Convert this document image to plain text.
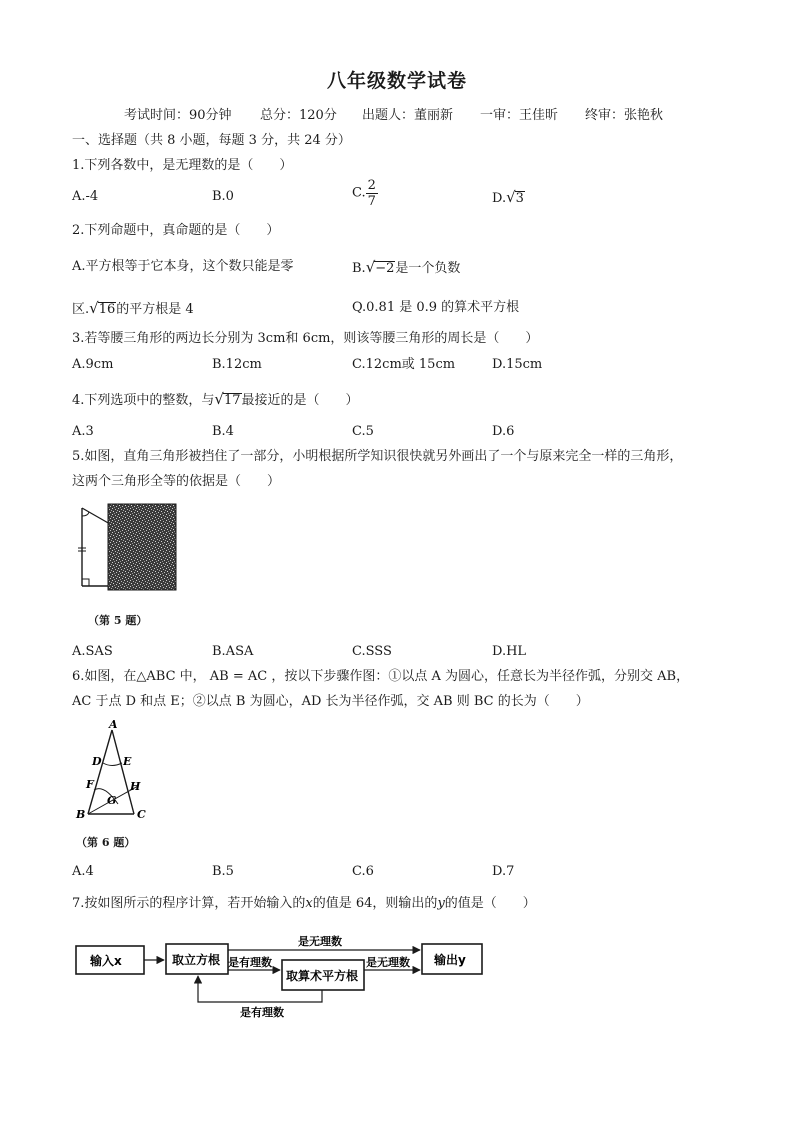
八年级数学试卷
考试时间：90分钟 总分：120分 出题人：董丽新 一审：王佳昕 终审：张艳秋
一、选择题（共 8 小题，每题 3 分，共 24 分）
1.下列各数中，是无理数的是（　　）
A.-4	B.0	C. $\frac{2}{7}$	D.√3
2.下列命题中，真命题的是（　　）
A.平方根等于它本身，这个数只能是零	B.√−2是一个负数
区.√16的平方根是 4	Q.0.81 是 0.9 的算术平方根
3.若等腰三角形的两边长分别为 3cm和 6cm，则该等腰三角形的周长是（　　）
A.9cm	B.12cm	C.12cm或 15cm	D.15cm
4.下列选项中的整数，与√17最接近的是（　　）
A.3	B.4	C.5	D.6
5.如图，直角三角形被挡住了一部分，小明根据所学知识很快就另外画出了一个与原来完全一样的三角形，
这两个三角形全等的依据是（　　）
（第 5 题）
A.SAS	B.ASA	C.SSS	D.HL
6.如图，在△ABC 中， AB = AC ，按以下步骤作图：①以点 A 为圆心，任意长为半径作弧，分别交 AB，
AC 于点 D 和点 E；②以点 B 为圆心，AD 长为半径作弧，交 AB 则 BC 的长为（　　）
A
D E
F	H
G
B	C
（第 6 题）
A.4	B.5	C.6	D.7
7.按如图所示的程序计算，若开始输入的x的值是 64，则输出的y的值是（　　）
输入x	取立方根
取算术平方根
输出y
是无理数
是有理数	是无理数
是有理数
